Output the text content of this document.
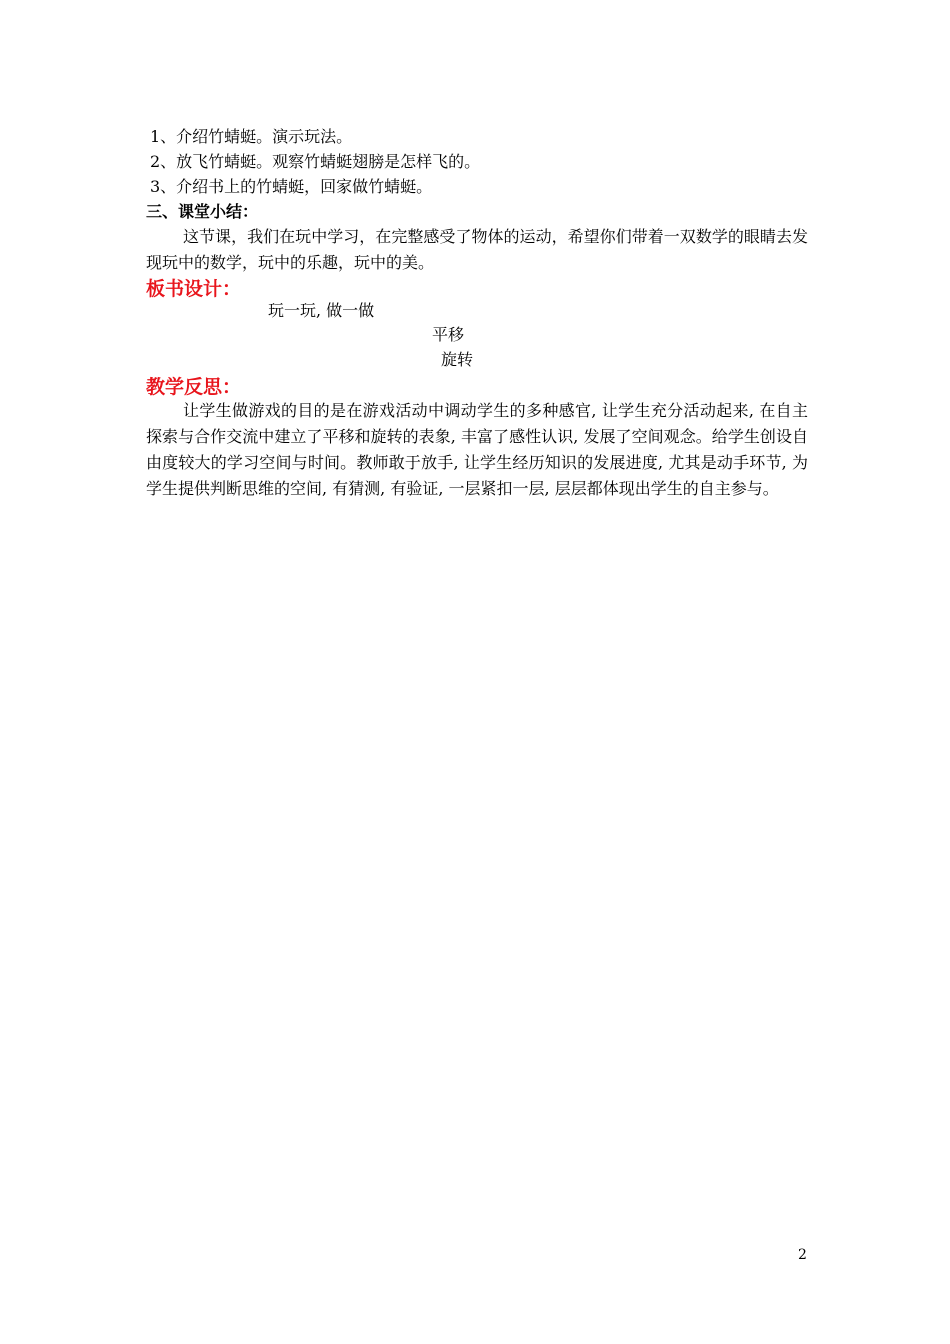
1、介绍竹蜻蜓。演示玩法。
2、放飞竹蜻蜓。观察竹蜻蜓翅膀是怎样飞的。
3、介绍书上的竹蜻蜓，回家做竹蜻蜓。
三、课堂小结：
这节课，我们在玩中学习，在完整感受了物体的运动，希望你们带着一双数学的眼睛去发现玩中的数学，玩中的乐趣，玩中的美。
板书设计：
玩一玩, 做一做
平移
旋转
教学反思：
让学生做游戏的目的是在游戏活动中调动学生的多种感官, 让学生充分活动起来, 在自主探索与合作交流中建立了平移和旋转的表象, 丰富了感性认识, 发展了空间观念。给学生创设自由度较大的学习空间与时间。教师敢于放手, 让学生经历知识的发展进度, 尤其是动手环节, 为学生提供判断思维的空间, 有猜测, 有验证, 一层紧扣一层, 层层都体现出学生的自主参与。
2
